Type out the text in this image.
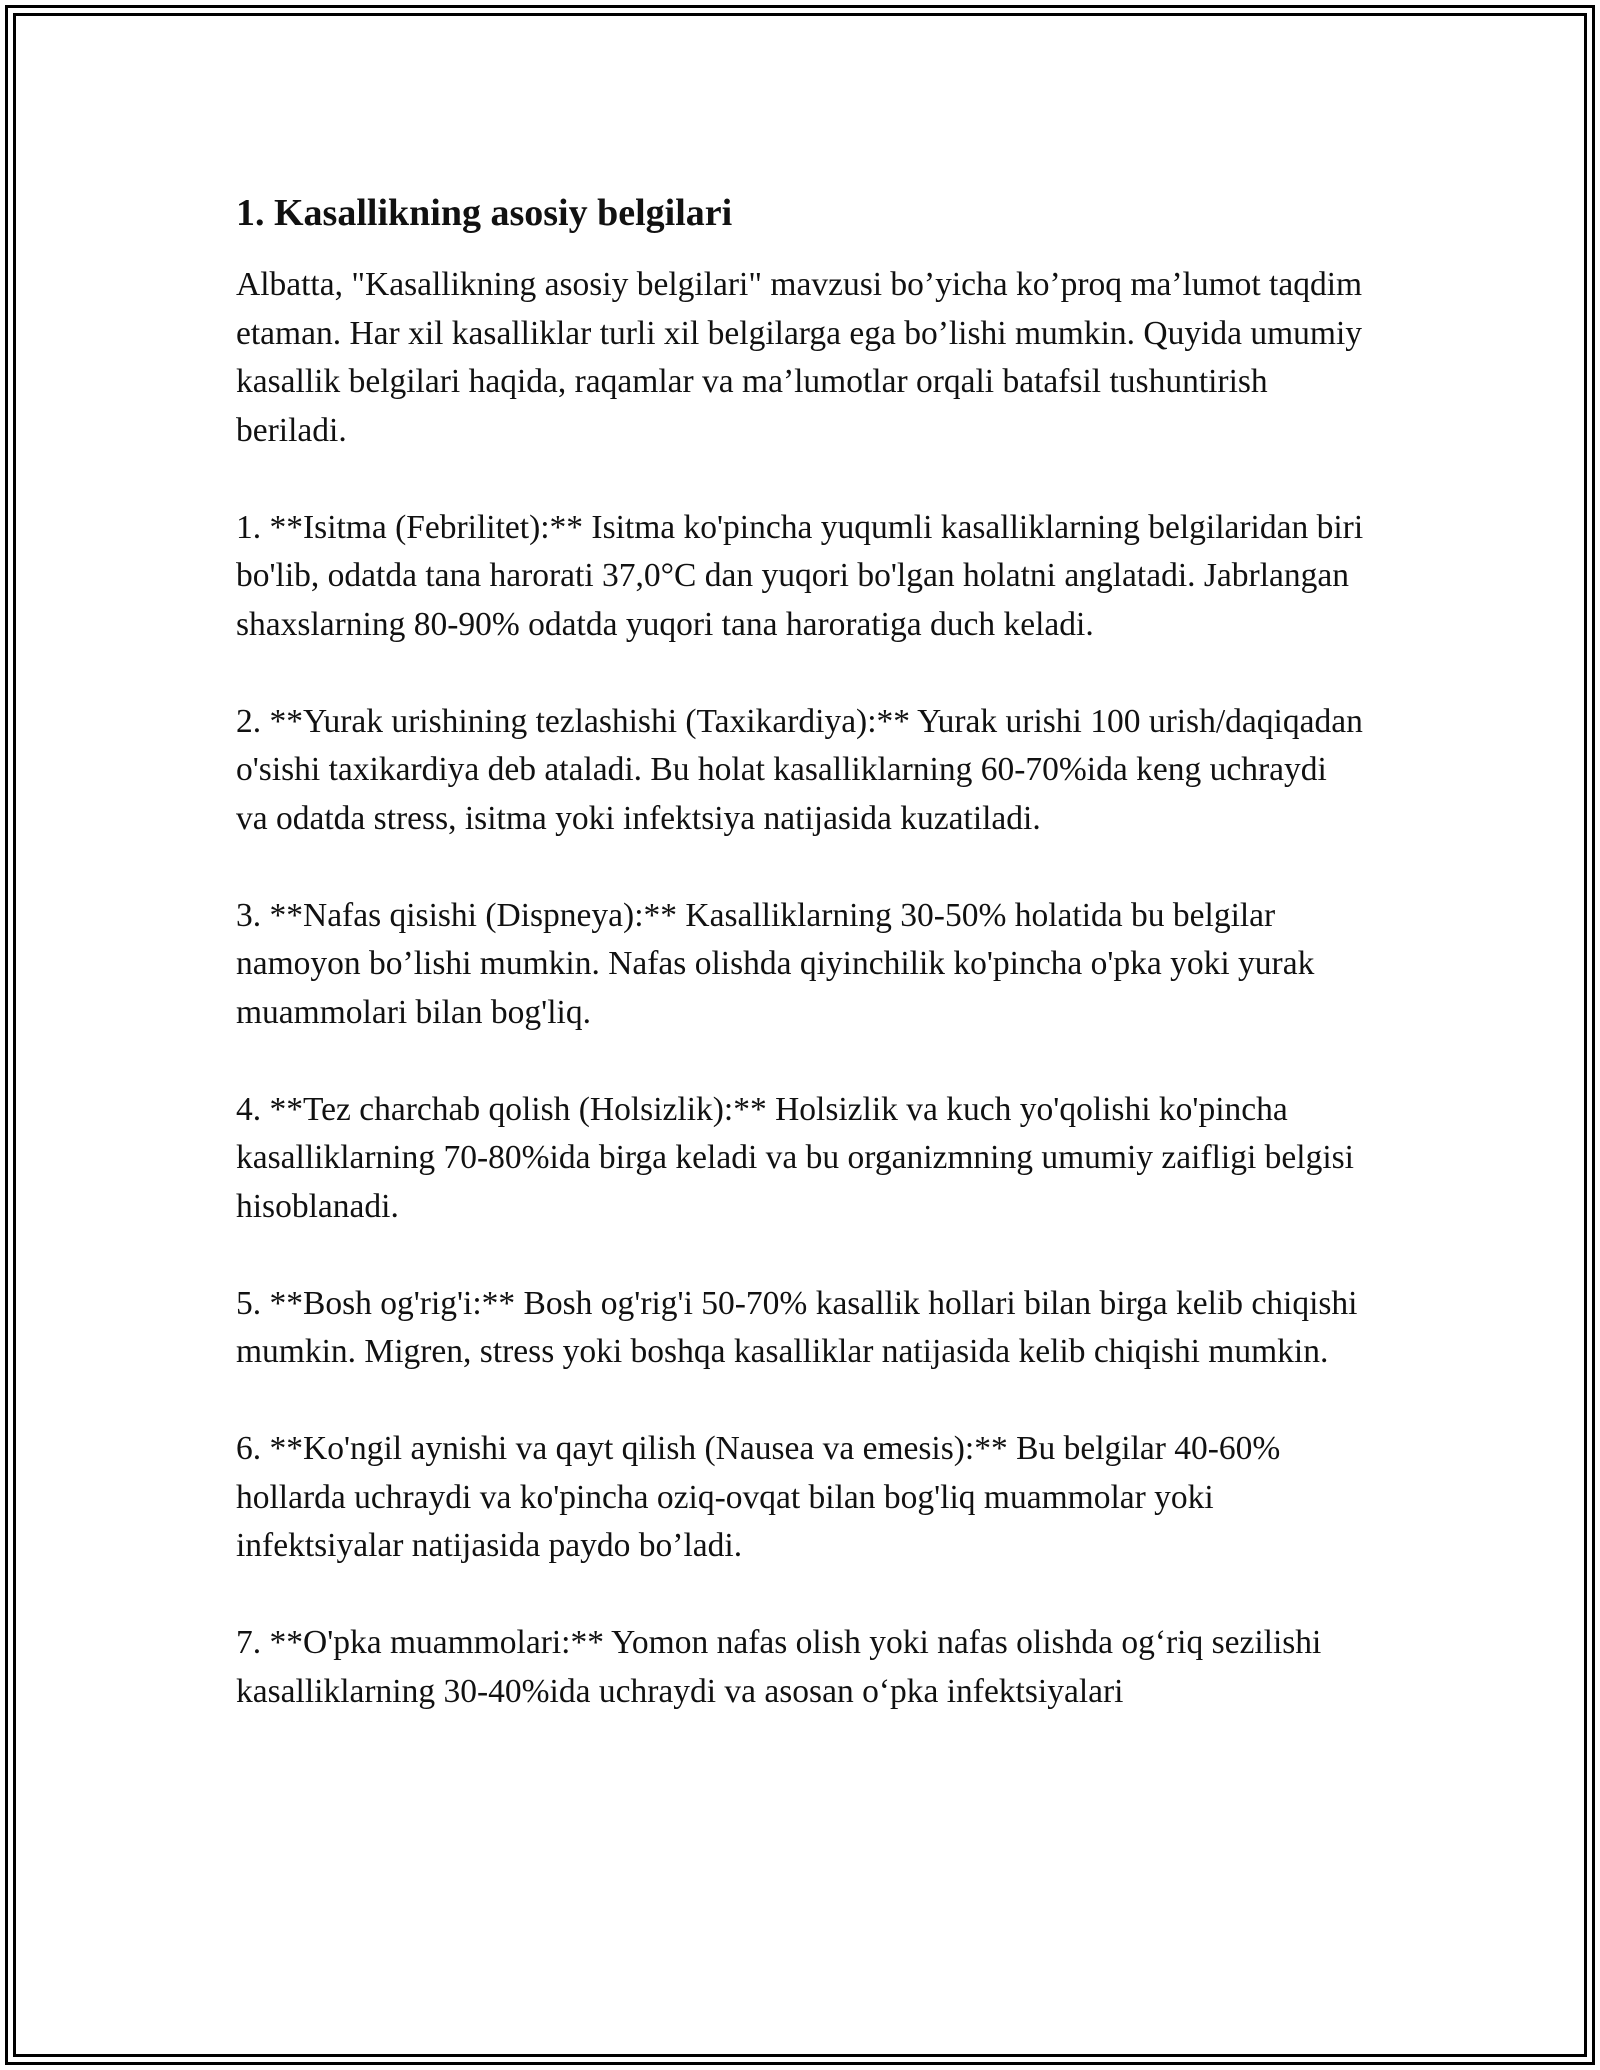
1. Kasallikning asosiy belgilari

Albatta, "Kasallikning asosiy belgilari" mavzusi bo’yicha ko’proq ma’lumot taqdim etaman. Har xil kasalliklar turli xil belgilarga ega bo’lishi mumkin. Quyida umumiy kasallik belgilari haqida, raqamlar va ma’lumotlar orqali batafsil tushuntirish beriladi.

1. **Isitma (Febrilitet):** Isitma ko'pincha yuqumli kasalliklarning belgilaridan biri bo'lib, odatda tana harorati 37,0°C dan yuqori bo'lgan holatni anglatadi. Jabrlangan shaxslarning 80-90% odatda yuqori tana haroratiga duch keladi.

2. **Yurak urishining tezlashishi (Taxikardiya):** Yurak urishi 100 urish/daqiqadan o'sishi taxikardiya deb ataladi. Bu holat kasalliklarning 60-70%ida keng uchraydi va odatda stress, isitma yoki infektsiya natijasida kuzatiladi.

3. **Nafas qisishi (Dispneya):** Kasalliklarning 30-50% holatida bu belgilar namoyon bo’lishi mumkin. Nafas olishda qiyinchilik ko'pincha o'pka yoki yurak muammolari bilan bog'liq.

4. **Tez charchab qolish (Holsizlik):** Holsizlik va kuch yo'qolishi ko'pincha kasalliklarning 70-80%ida birga keladi va bu organizmning umumiy zaifligi belgisi hisoblanadi.

5. **Bosh og'rig'i:** Bosh og'rig'i 50-70% kasallik hollari bilan birga kelib chiqishi mumkin. Migren, stress yoki boshqa kasalliklar natijasida kelib chiqishi mumkin.

6. **Ko'ngil aynishi va qayt qilish (Nausea va emesis):** Bu belgilar 40-60% hollarda uchraydi va ko'pincha oziq-ovqat bilan bog'liq muammolar yoki infektsiyalar natijasida paydo bo’ladi.

7. **O'pka muammolari:** Yomon nafas olish yoki nafas olishda og‘riq sezilishi kasalliklarning 30-40%ida uchraydi va asosan o‘pka infektsiyalari
